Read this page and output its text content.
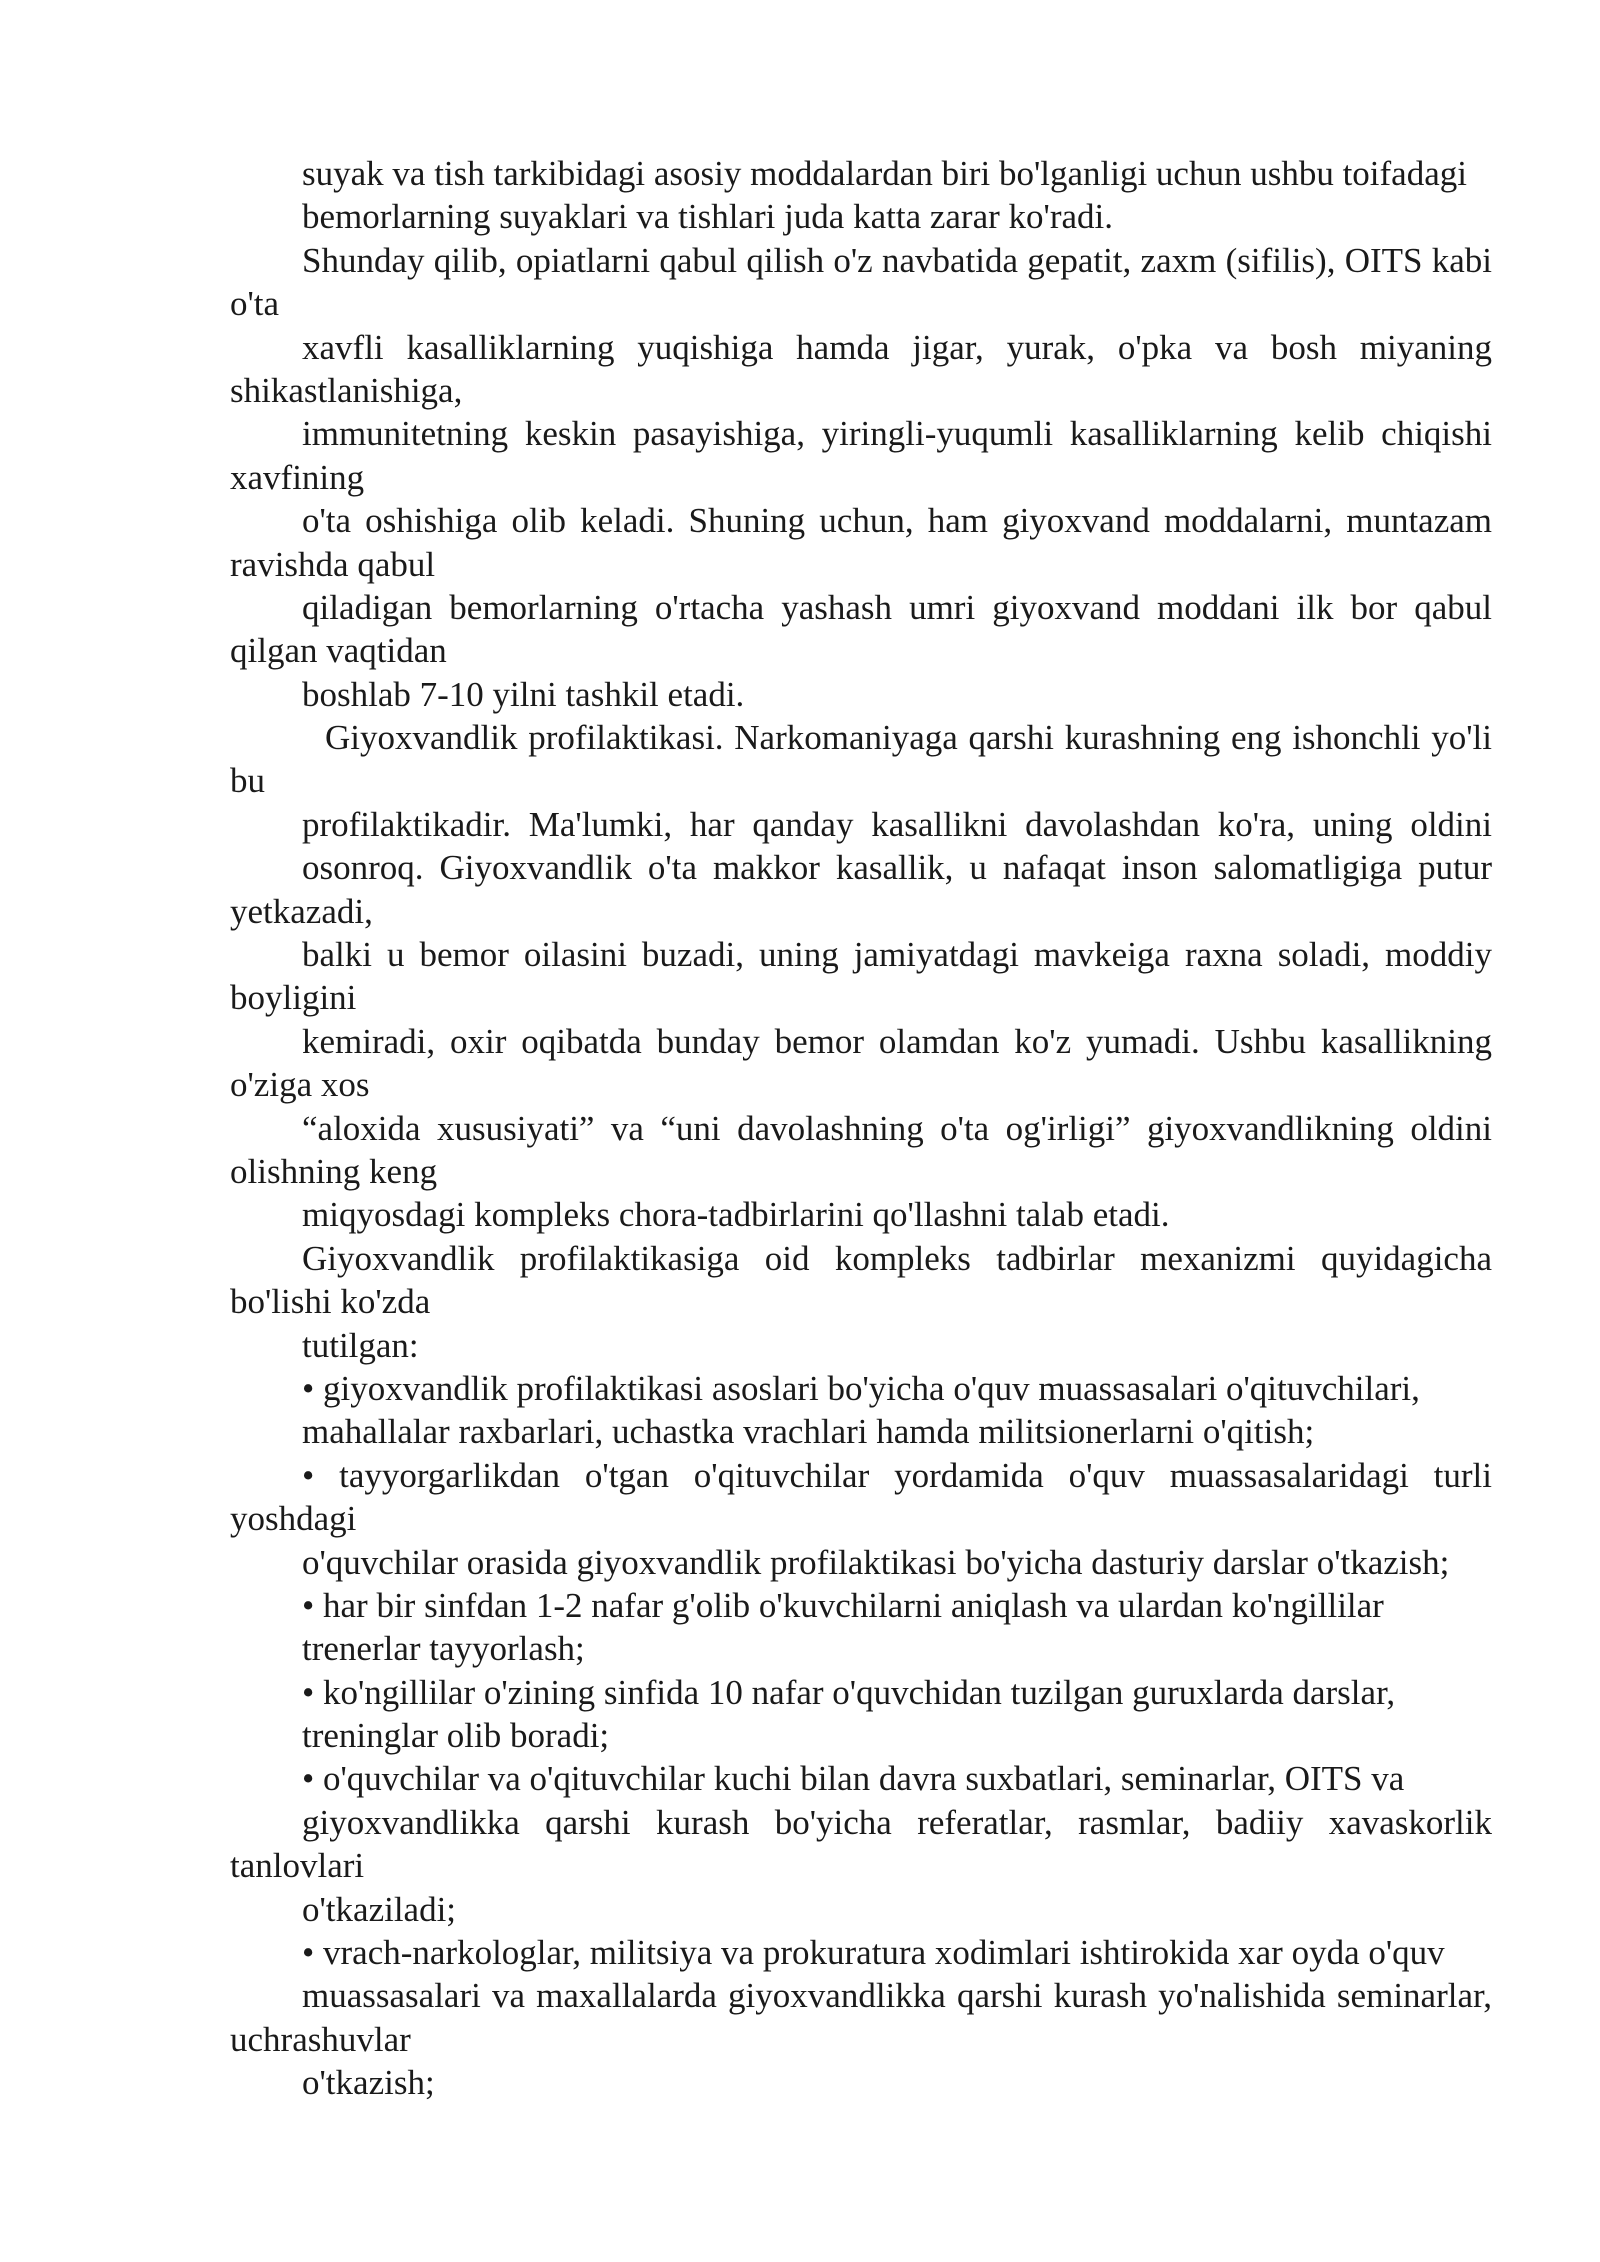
suyak va tish tarkibidagi asosiy moddalardan biri bo'lganligi uchun ushbu toifadagi
bemorlarning suyaklari va tishlari juda katta zarar ko'radi.
Shunday qilib, opiatlarni qabul qilish o'z navbatida gepatit, zaxm (sifilis), OITS kabi
o'ta
xavfli kasalliklarning yuqishiga hamda jigar, yurak, o'pka va bosh miyaning
shikastlanishiga,
immunitetning keskin pasayishiga, yiringli-yuqumli kasalliklarning kelib chiqishi
xavfining
o'ta oshishiga olib keladi. Shuning uchun, ham giyoxvand moddalarni, muntazam
ravishda qabul
qiladigan bemorlarning o'rtacha yashash umri giyoxvand moddani ilk bor qabul
qilgan vaqtidan
boshlab 7-10 yilni tashkil etadi.
Giyoxvandlik profilaktikasi. Narkomaniyaga qarshi kurashning eng ishonchli yo'li
bu
profilaktikadir. Ma'lumki, har qanday kasallikni davolashdan ko'ra, uning oldini
osonroq. Giyoxvandlik o'ta makkor kasallik, u nafaqat inson salomatligiga putur
yetkazadi,
balki u bemor oilasini buzadi, uning jamiyatdagi mavkeiga raxna soladi, moddiy
boyligini
kemiradi, oxir oqibatda bunday bemor olamdan ko'z yumadi. Ushbu kasallikning
o'ziga xos
“aloxida xususiyati” va “uni davolashning o'ta og'irligi” giyoxvandlikning oldini
olishning keng
miqyosdagi kompleks chora-tadbirlarini qo'llashni talab etadi.
Giyoxvandlik profilaktikasiga oid kompleks tadbirlar mexanizmi quyidagicha
bo'lishi ko'zda
tutilgan:
• giyoxvandlik profilaktikasi asoslari bo'yicha o'quv muassasalari o'qituvchilari,
mahallalar raxbarlari, uchastka vrachlari hamda militsionerlarni o'qitish;
• tayyorgarlikdan o'tgan o'qituvchilar yordamida o'quv muassasalaridagi turli
yoshdagi
o'quvchilar orasida giyoxvandlik profilaktikasi bo'yicha dasturiy darslar o'tkazish;
• har bir sinfdan 1-2 nafar g'olib o'kuvchilarni aniqlash va ulardan ko'ngillilar
trenerlar tayyorlash;
• ko'ngillilar o'zining sinfida 10 nafar o'quvchidan tuzilgan guruxlarda darslar,
treninglar olib boradi;
• o'quvchilar va o'qituvchilar kuchi bilan davra suxbatlari, seminarlar, OITS va
giyoxvandlikka qarshi kurash bo'yicha referatlar, rasmlar, badiiy xavaskorlik
tanlovlari
o'tkaziladi;
• vrach-narkologlar, militsiya va prokuratura xodimlari ishtirokida xar oyda o'quv
muassasalari va maxallalarda giyoxvandlikka qarshi kurash yo'nalishida seminarlar,
uchrashuvlar
o'tkazish;
